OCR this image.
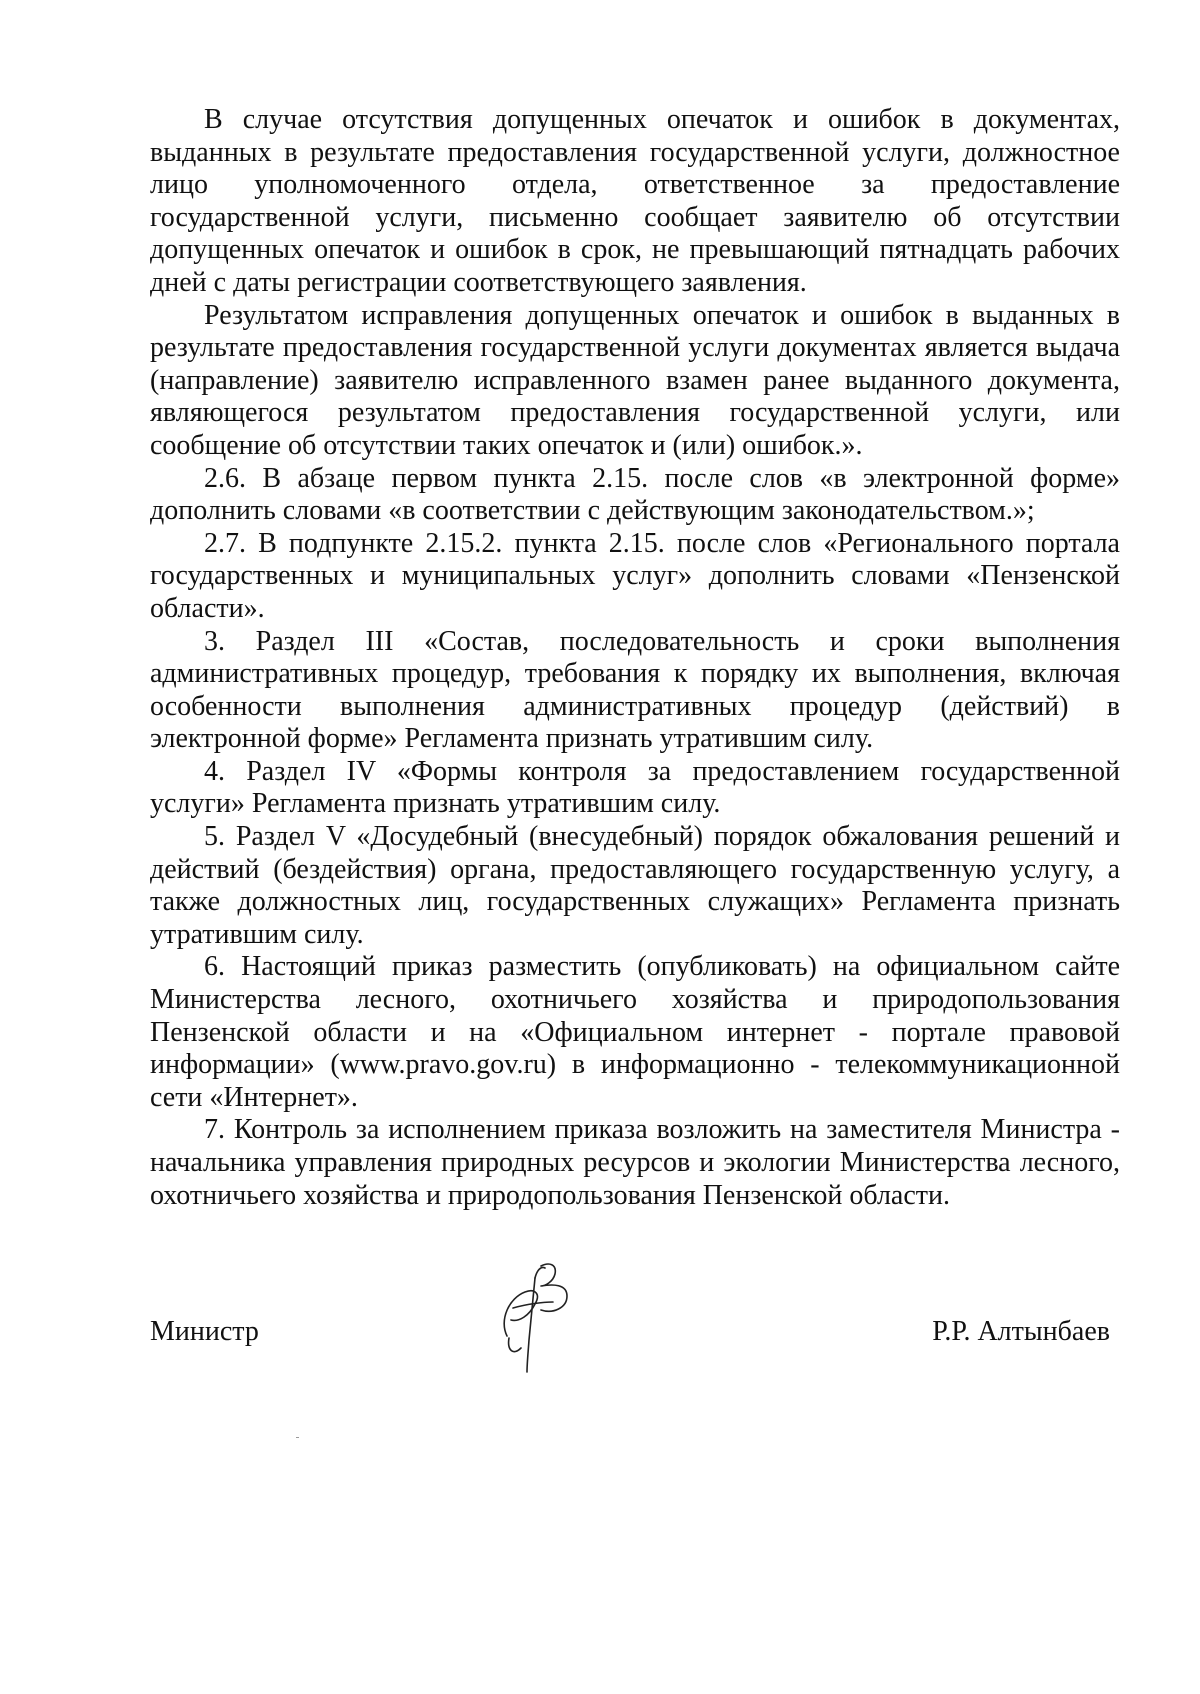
В случае отсутствия допущенных опечаток и ошибок в документах, выданных в результате предоставления государственной услуги, должностное лицо уполномоченного отдела, ответственное за предоставление государственной услуги, письменно сообщает заявителю об отсутствии допущенных опечаток и ошибок в срок, не превышающий пятнадцать рабочих дней с даты регистрации соответствующего заявления.

Результатом исправления допущенных опечаток и ошибок в выданных в результате предоставления государственной услуги документах является выдача (направление) заявителю исправленного взамен ранее выданного документа, являющегося результатом предоставления государственной услуги, или сообщение об отсутствии таких опечаток и (или) ошибок.».

2.6. В абзаце первом пункта 2.15. после слов «в электронной форме» дополнить словами «в соответствии с действующим законодательством.»;

2.7. В подпункте 2.15.2. пункта 2.15. после слов «Регионального портала государственных и муниципальных услуг» дополнить словами «Пензенской области».

3. Раздел III «Состав, последовательность и сроки выполнения административных процедур, требования к порядку их выполнения, включая особенности выполнения административных процедур (действий) в электронной форме» Регламента признать утратившим силу.

4. Раздел IV «Формы контроля за предоставлением государственной услуги» Регламента признать утратившим силу.

5. Раздел V «Досудебный (внесудебный) порядок обжалования решений и действий (бездействия) органа, предоставляющего государственную услугу, а также должностных лиц, государственных служащих» Регламента признать утратившим силу.

6. Настоящий приказ разместить (опубликовать) на официальном сайте Министерства лесного, охотничьего хозяйства и природопользования Пензенской области и на «Официальном интернет - портале правовой информации» (www.pravo.gov.ru) в информационно - телекоммуникационной сети «Интернет».

7. Контроль за исполнением приказа возложить на заместителя Министра - начальника управления природных ресурсов и экологии Министерства лесного, охотничьего хозяйства и природопользования Пензенской области.

Министр	Р.Р. Алтынбаев
